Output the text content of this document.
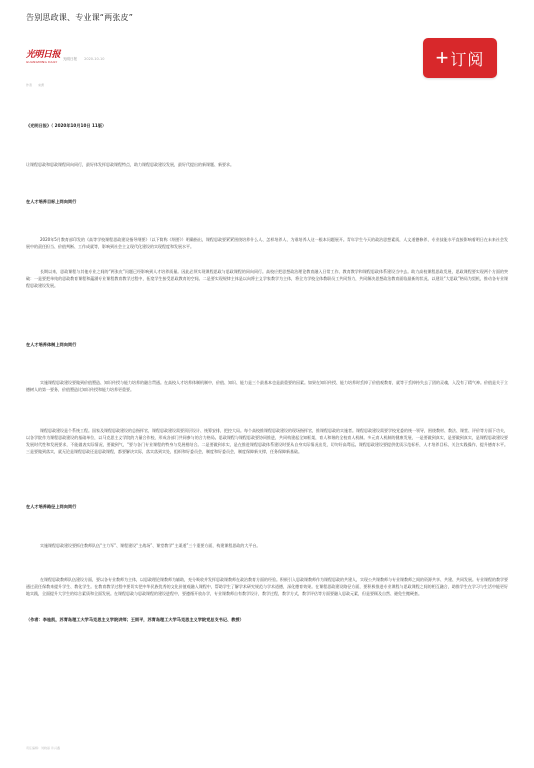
告别思政课、专业课“两张皮”
光明日报
GUANGMING DAILY
光明日报 2020-10-10	+ 订阅
作者 来源

《光明日报》（ 2020年10月10日 11版）

让课程思政和思政课程同向同行，最好体发挥思政课程特点，助力课程思政建设发展，最好代提出的新课题、新要求。

在人才培养目标上同向同行

2020年5月教育部印发的《高等学校课程思政建设指导纲要》（以下简称《纲要》）明确指出，课程思政要紧紧围绕培养什么人、怎样培养人、为谁培养人这一根本问题展开。青年学生今天的政治思想素质，人文道德修养，专业技能水平直接影响着明日在未来社会发展中的责任担当、价值判断、工作成就等，影响到社会主义现代化建设的实现程度和发展水平。

长期以来，思政课程与其他专业之间的“两张皮”问题已经影响到人才培养质量。因此必须实现课程思政与思政课程的同向同行。高校应把思想政治理论教育融入日常工作、教育教学和课程思政体系建设当中去。助力高校课程思政发展，思政课程要实现两个方面的突破：一是要把单纯的思政教育课程和蕴涵专业课程教育教学过程中，拓宽学生接受思政教育的空间。二是要实现规律主体是以向将主义学家教学为主体，将全为学校全体教职员工共同努力，共同解决思想政治教育面临最新的状况。以建设“大思政”格局为契机，推动各专业课程思政建设发展。

在人才培养体制上同向同行

实施课程思政建设要做到价值塑造、知识传授与能力培养的融合贯通。在高校人才培养体制机制中，价值、知识、能力是三个最基本也是最重要的因素。如果在知识传授、能力培养时丢掉了价值观教育，就等于丢掉持失去了团的灵魂，入没有了精气神。价值是关于立德树人的第一要务，价值塑造比知识传授和能力培养更重要。

课程思政建设是个系统工程。国家及课程思政建设的总指挥官，课程思政建设需要顶层设计、统筹安排，把控大局。每个高校推课程思政建设的现场指挥官，推课程思政的实施者。课程思政建设需要学校党委的统一领导，围绕教材、教法、课堂、评价等方面下功夫，以各学院作为课程思政建设的基础单位，以马克思主义学院的力量合作校，形成各部门共同参与的合力格局。思政课程与课程思政要协同推进，共同构建起全知框架，育人和谐的全校育人机制。多元育人机制的健康发展，一是要做到真实，是要做到真实，是课程思政建设要发展时代性和发展要求，不能做表实际情况，要做到气，“要与各门专业课程的特身与发展相结合。二是要做到求实，是在推进课程思政体系建设时要从自身实际情况出发，切勿好高骛远。课程思政建设要提供优质示范标杆，人才培养目标，关注实践操作，提升德育水平。三是要做到落实，就无论是课程思政还是思政课程，都要解决实际，落实落到实处，组织和好委员会，制度和好委员会，制度保障新支撑，任务保障新基础。

在人才培养路径上同向同行

实施课程思政建设要抓住教师队伍“主力军”、课程建设“主战场”、课堂教学“主渠道”三个重要方面，构建课程思政的大平台。

在课程思政教师队伍建设方面，要以各专业教师为主体，以思政理论课教师为辅助，充分吸收并发挥思政课教师在政治教育方面的经验。积极引入思政课教师作为课程思政的共建人，实现公共课教师与专业课教师之间的资源共享、共建、共同发展。专业课程的教学要通过责任保教来提升学生、教化学生。在教育教学过程中要切实把中华民族优秀的文化价值观融入课程中，帮助学生了解学术研究规范与学术道德，深化德育效果。在课程思政建设路径方面，要积极推进专业课程与思政课程之间的相互融合，助推学生在学习与生活中能更好地实践，全面提升大学生的综合素质和全面发展。在课程思政与思政课程的建设进程中，要遵循开放办学，专业课教师自有教学设计，教学过程，教学方式，教学评估等方面要融入思政元素，但是要顾及自然、避免生搬硬套。

（作者：李桂凯，苏青岛理工大学马克思主义学院讲师；王雨平，苏青岛理工大学马克思主义学院党总支书记、教授）

责任编辑：刘晓丽 许兴鑫
